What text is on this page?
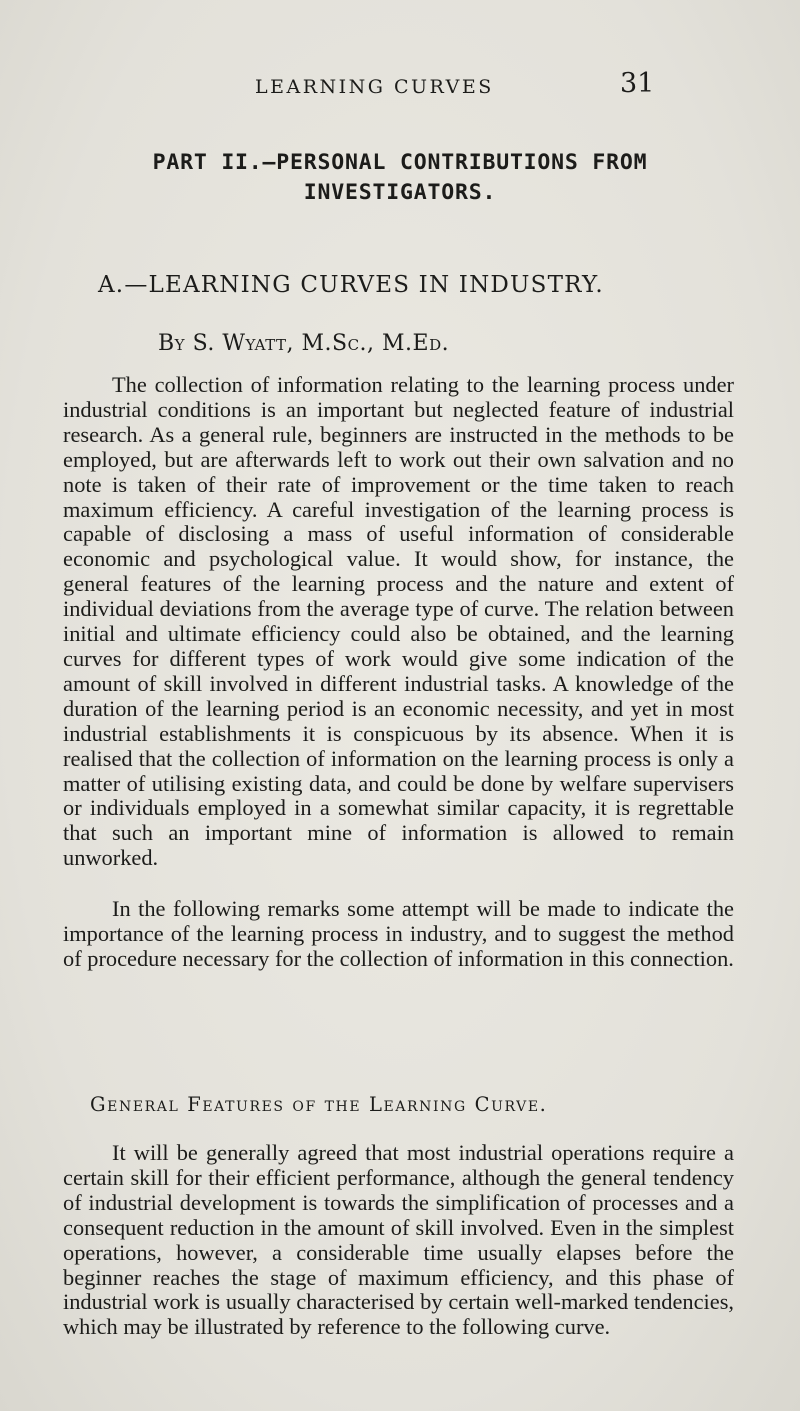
LEARNING CURVES	31
PART II.—PERSONAL CONTRIBUTIONS FROM
INVESTIGATORS.
A.—LEARNING CURVES IN INDUSTRY.
By S. Wyatt, M.Sc., M.Ed.

The collection of information relating to the learning process under industrial conditions is an important but neglected feature of industrial research. As a general rule, beginners are instructed in the methods to be employed, but are afterwards left to work out their own salvation and no note is taken of their rate of improvement or the time taken to reach maximum efficiency. A careful investigation of the learning process is capable of disclosing a mass of useful information of considerable economic and psychological value. It would show, for instance, the general features of the learning process and the nature and extent of individual deviations from the average type of curve. The relation between initial and ultimate efficiency could also be obtained, and the learning curves for different types of work would give some indication of the amount of skill involved in different industrial tasks. A knowledge of the duration of the learning period is an economic necessity, and yet in most industrial establishments it is conspicuous by its absence. When it is realised that the collection of information on the learning process is only a matter of utilising existing data, and could be done by welfare supervisers or individuals employed in a somewhat similar capacity, it is regrettable that such an important mine of information is allowed to remain unworked.

In the following remarks some attempt will be made to indicate the importance of the learning process in industry, and to suggest the method of procedure necessary for the collection of information in this connection.

General Features of the Learning Curve.

It will be generally agreed that most industrial operations require a certain skill for their efficient performance, although the general tendency of industrial development is towards the simplification of processes and a consequent reduction in the amount of skill involved. Even in the simplest operations, however, a considerable time usually elapses before the beginner reaches the stage of maximum efficiency, and this phase of industrial work is usually characterised by certain well-marked tendencies, which may be illustrated by reference to the following curve.
